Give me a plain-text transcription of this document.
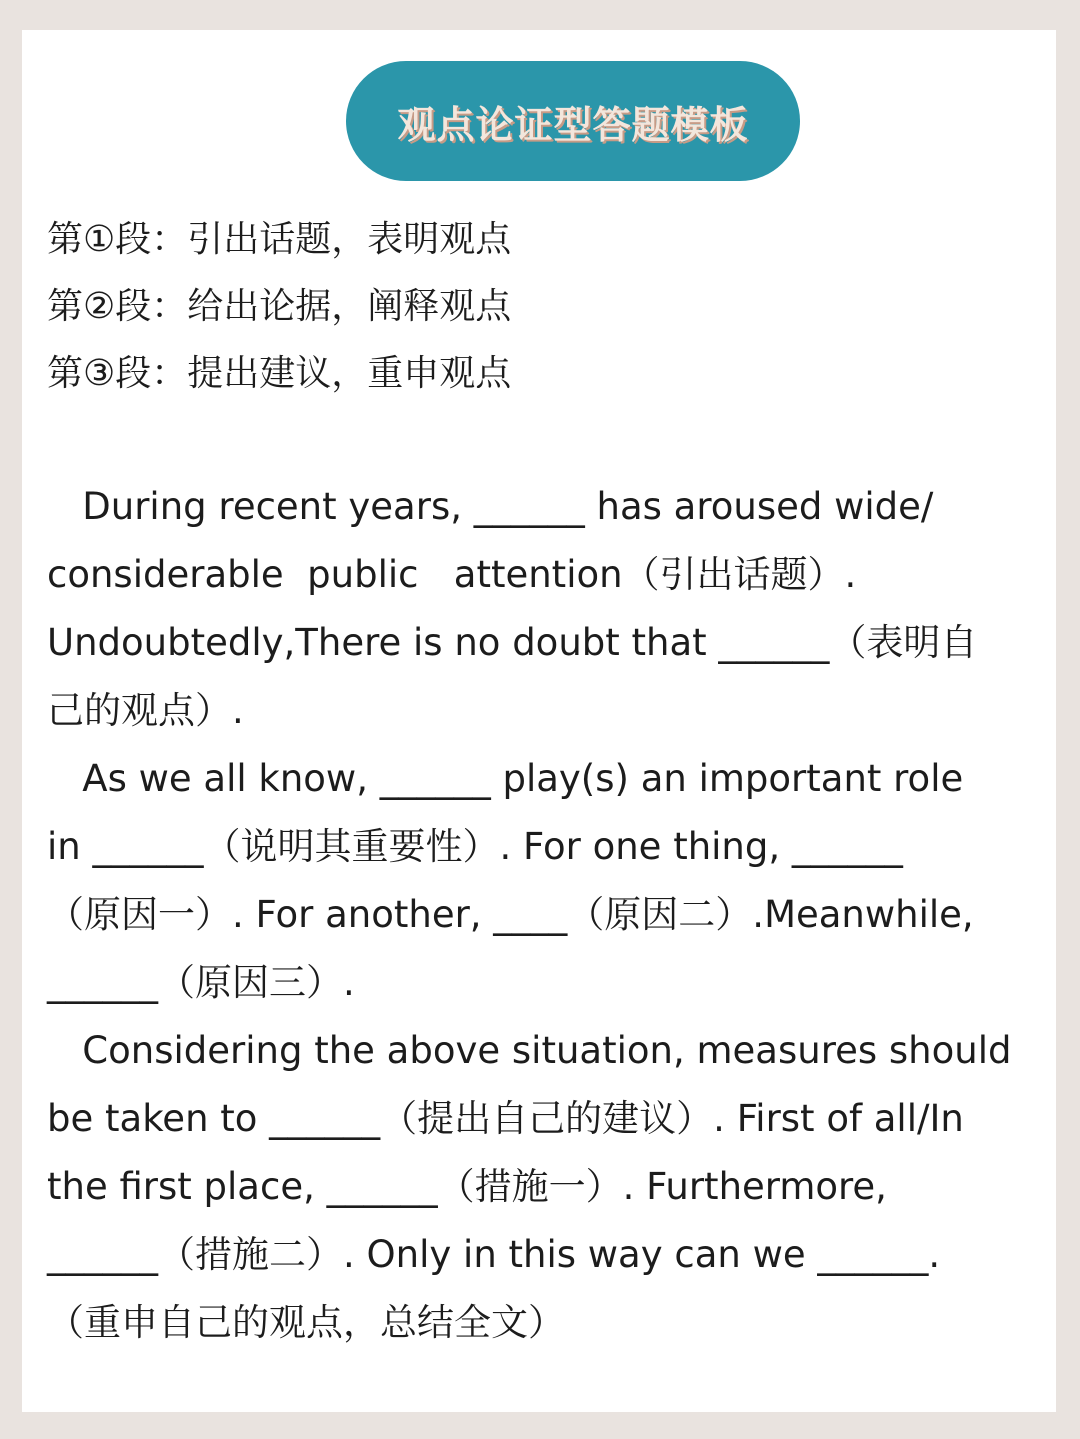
观点论证型答题模板
第①段：引出话题，表明观点
第②段：给出论据，阐释观点
第③段：提出建议，重申观点
During recent years, ______ has aroused wide/
considerable  public   attention（引出话题）.
Undoubtedly,There is no doubt that ______（表明自
己的观点）.
As we all know, ______ play(s) an important role
in ______（说明其重要性）. For one thing, ______
（原因一）. For another, ____（原因二）.Meanwhile,
______（原因三）.
Considering the above situation, measures should
be taken to ______（提出自己的建议）. First of all/In
the first place, ______（措施一）. Furthermore,
______（措施二）. Only in this way can we ______.
（重申自己的观点，总结全文）
